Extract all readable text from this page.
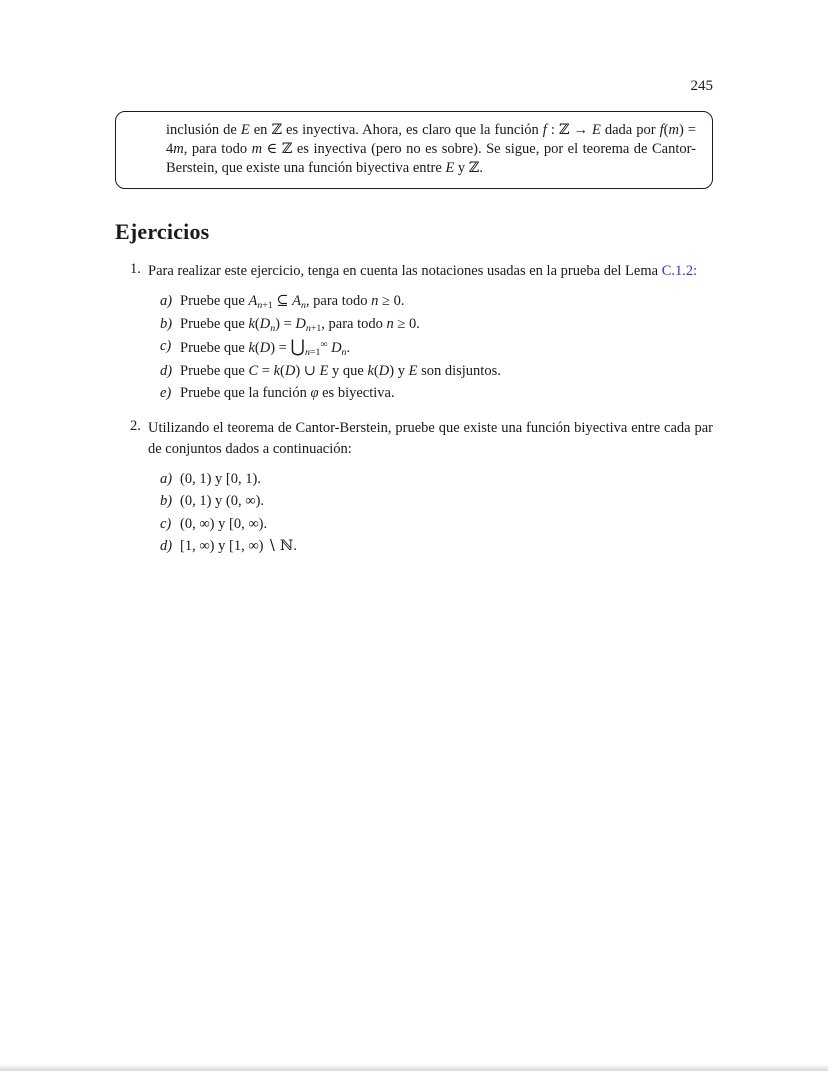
245

inclusión de E en ℤ es inyectiva. Ahora, es claro que la función f : ℤ → E dada por f(m) = 4m, para todo m ∈ ℤ es inyectiva (pero no es sobre). Se sigue, por el teorema de Cantor-Berstein, que existe una función biyectiva entre E y ℤ.

Ejercicios
1. Para realizar este ejercicio, tenga en cuenta las notaciones usadas en la prueba del Lema C.1.2:

a) Pruebe que $A_{n+1}$ ⊆ $A_n$, para todo n ≥ 0.
b) Pruebe que $k(D_n) = D_{n+1}$, para todo n ≥ 0.
c) Pruebe que $k(D) = ⋃_{n=1}^\infty$ $D_n$.
d) Pruebe que C = k(D) ∪ E y que k(D) y E son disjuntos.
e) Pruebe que la función φ es biyectiva.
2. Utilizando el teorema de Cantor-Berstein, pruebe que existe una función biyectiva entre cada par de conjuntos dados a continuación:

a) (0, 1) y [0, 1).
b) (0, 1) y (0, ∞).
c) (0, ∞) y [0, ∞).
d) [1, ∞) y [1, ∞) ∖ ℕ.
